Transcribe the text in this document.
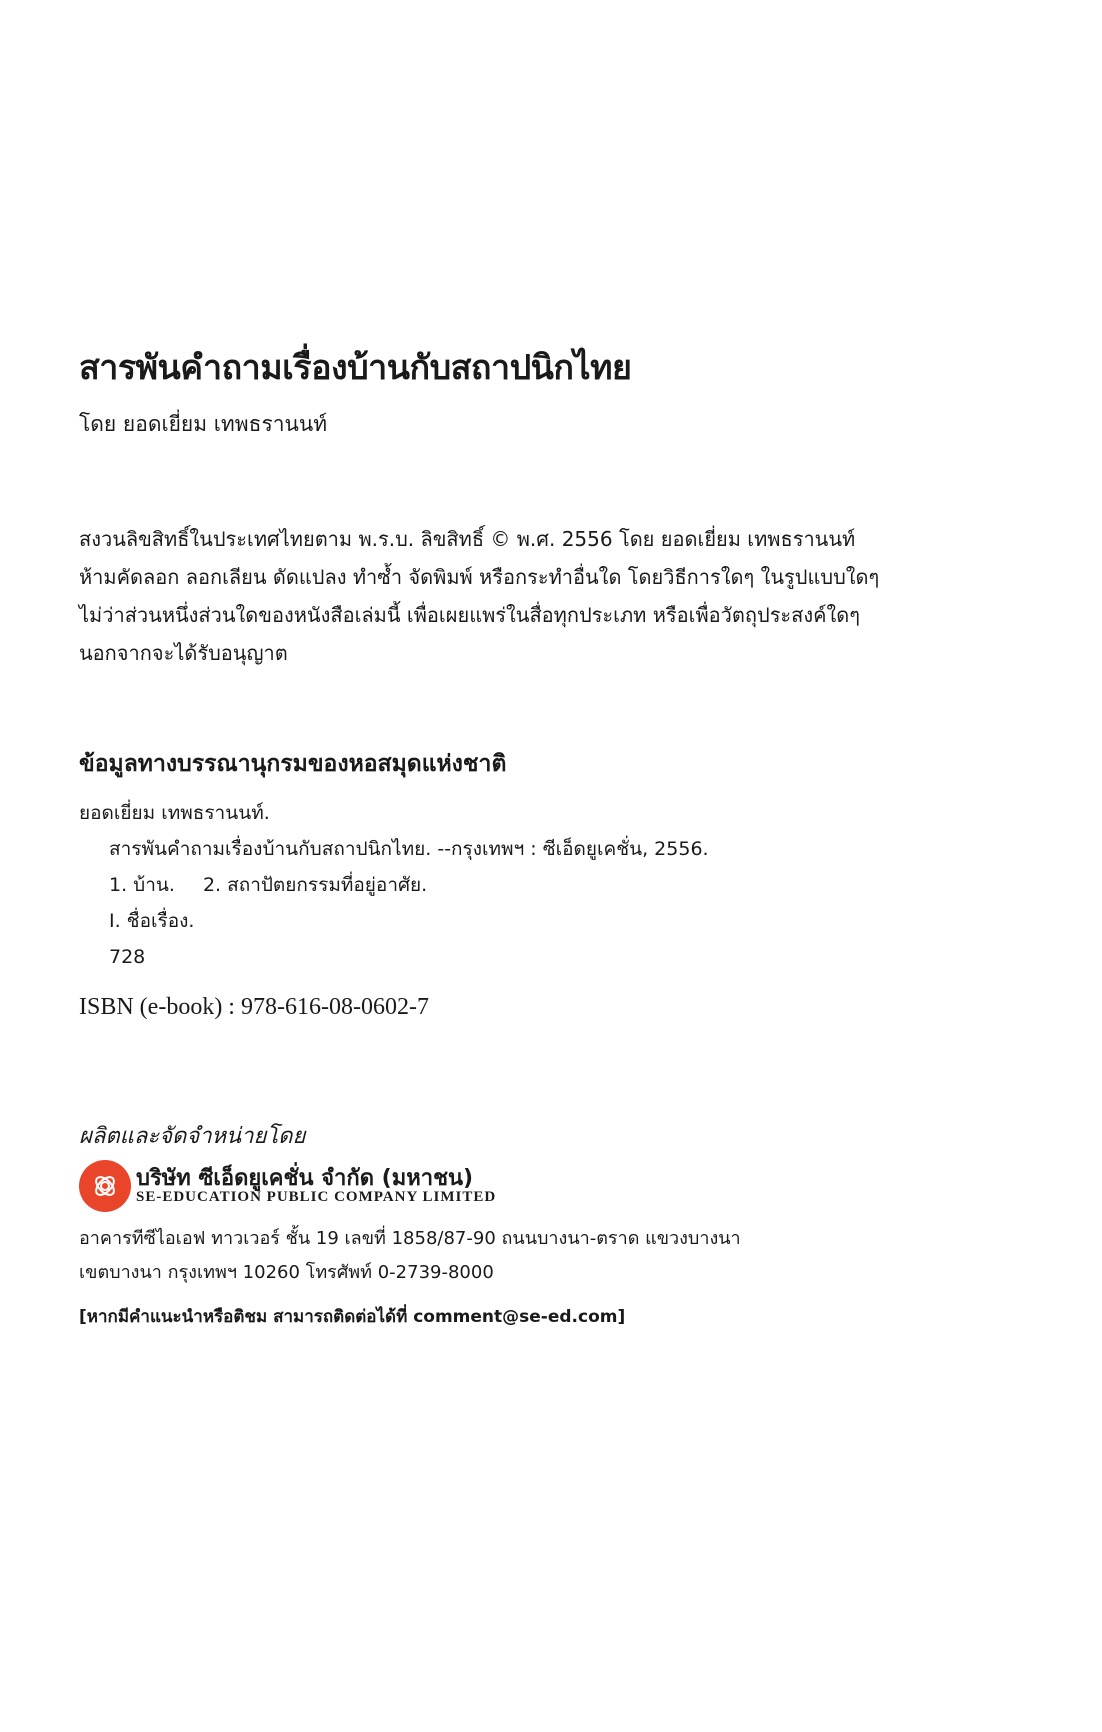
สารพันคำถามเรื่องบ้านกับสถาปนิกไทย
โดย ยอดเยี่ยม เทพธรานนท์
สงวนลิขสิทธิ์ในประเทศไทยตาม พ.ร.บ. ลิขสิทธิ์ © พ.ศ. 2556 โดย ยอดเยี่ยม เทพธรานนท์
ห้ามคัดลอก ลอกเลียน ดัดแปลง ทำซ้ำ จัดพิมพ์ หรือกระทำอื่นใด โดยวิธีการใดๆ ในรูปแบบใดๆ
ไม่ว่าส่วนหนึ่งส่วนใดของหนังสือเล่มนี้ เพื่อเผยแพร่ในสื่อทุกประเภท หรือเพื่อวัตถุประสงค์ใดๆ
นอกจากจะได้รับอนุญาต
ข้อมูลทางบรรณานุกรมของหอสมุดแห่งชาติ
ยอดเยี่ยม เทพธรานนท์.
สารพันคำถามเรื่องบ้านกับสถาปนิกไทย. --กรุงเทพฯ : ซีเอ็ดยูเคชั่น, 2556.
1. บ้าน. 2. สถาปัตยกรรมที่อยู่อาศัย.
I. ชื่อเรื่อง.
728
ISBN (e-book) : 978-616-08-0602-7
ผลิตและจัดจำหน่ายโดย
บริษัท ซีเอ็ดยูเคชั่น จำกัด (มหาชน)
SE-EDUCATION PUBLIC COMPANY LIMITED
อาคารทีซีไอเอฟ ทาวเวอร์ ชั้น 19 เลขที่ 1858/87-90 ถนนบางนา-ตราด แขวงบางนา
เขตบางนา กรุงเทพฯ 10260 โทรศัพท์ 0-2739-8000
[หากมีคำแนะนำหรือติชม สามารถติดต่อได้ที่ comment@se-ed.com]
